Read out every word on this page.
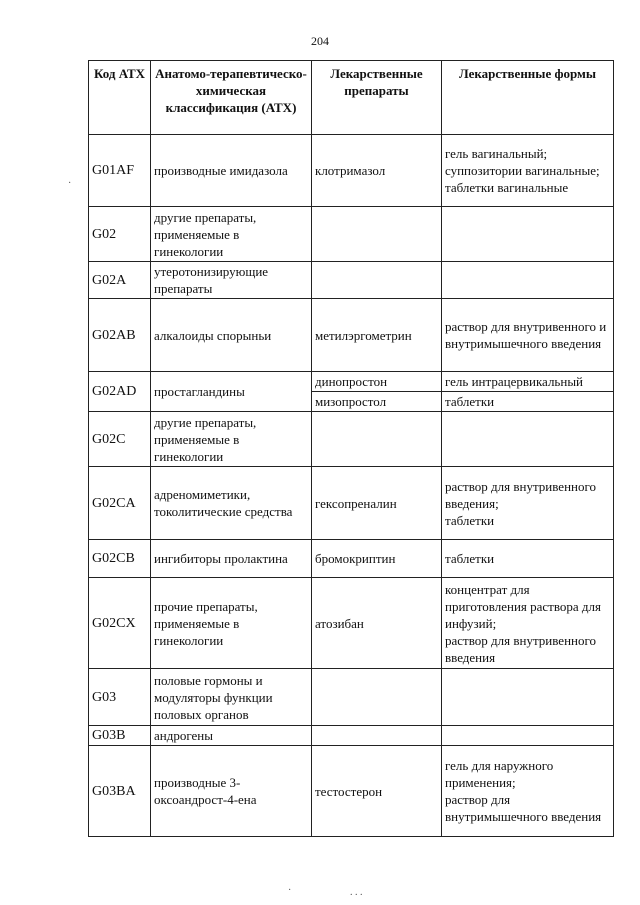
204
·
Код АТХ	Анатомо-терапевтическо-химическая классификация (АТХ)	Лекарственные препараты	Лекарственные формы
G01AF	производные имидазола	клотримазол	гель вагинальный;
суппозитории вагинальные;
таблетки вагинальные

G02	другие препараты, применяемые в гинекологии		
G02A	утеротонизирующие препараты		
G02AB	алкалоиды спорыньи	метилэргометрин	раствор для внутривенного и внутримышечного введения
G02AD	простагландины	динопростон	гель интрацервикальный
		мизопростол	таблетки
G02C	другие препараты, применяемые в гинекологии		
G02CA	адреномиметики, токолитические средства	гексопреналин	раствор для внутривенного введения;
таблетки

G02CB	ингибиторы пролактина	бромокриптин	таблетки
G02CX	прочие препараты, применяемые в гинекологии	атозибан	концентрат для приготовления раствора для инфузий;
раствор для внутривенного введения

G03	половые гормоны и модуляторы функции половых органов		
G03B	андрогены		
G03BA	производные 3-оксоандрост-4-ена	тестостерон	гель для наружного применения;
раствор для внутримышечного введения
·	. . .
